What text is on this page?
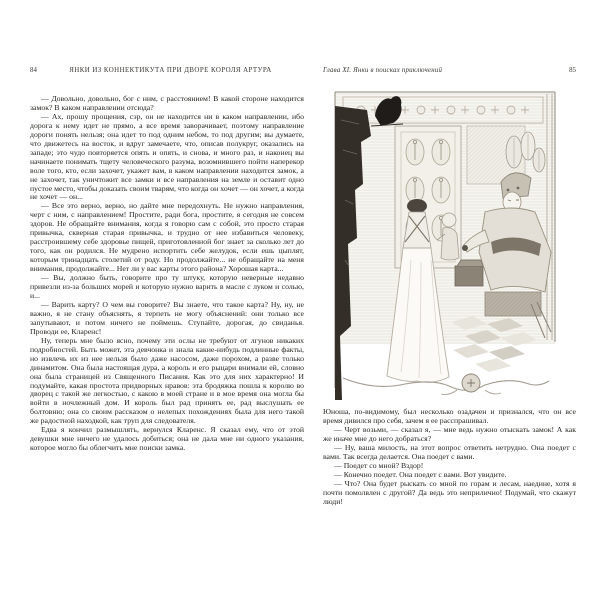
84	ЯНКИ ИЗ КОННЕКТИКУТА ПРИ ДВОРЕ КОРОЛЯ АРТУРА

— Довольно, довольно, бог с ним, с расстоянием! В какой стороне находится замок? В каком направлении отсюда?

— Ах, прошу прощения, сэр, он не находится ни в каком направлении, ибо дорога к нему идет не прямо, а все время заворачивает, поэтому направление дороги понять нельзя; она идет то под одним небом, то под другим; вы думаете, что движетесь на восток, и вдруг замечаете, что, описав полукруг, оказались на западе; это чудо повторяется опять и опять, и снова, и много раз, и наконец вы начинаете понимать тщету человеческого разума, возомнившего пойти наперекор воле того, кто, если захочет, укажет вам, в каком направлении находится замок, а не захочет, так уничтожит все замки и все направления на земле и оставит одно пустое место, чтобы доказать своим тварям, что когда он хочет — он хочет, а когда не хочет — он...

— Все это верно, верно, но дайте мне передохнуть. Не нужно направления, черт с ним, с направлением! Простите, ради бога, простите, я сегодня не совсем здоров. Не обращайте внимания, когда я говорю сам с собой, это просто старая привычка, скверная старая привычка, и трудно от нее избавиться человеку, расстроившему себе здоровье пищей, приготовленной бог знает за сколько лет до того, как он родился. Не мудрено испортить себе желудок, если ешь цыплят, которым тринадцать столетий от роду. Но продолжайте... не обращайте на меня внимания, продолжайте... Нет ли у вас карты этого района? Хорошая карта...

— Вы, должно быть, говорите про ту штуку, которую неверные недавно привезли из-за больших морей и которую нужно варить в масле с луком и солью, и...

— Варить карту? О чем вы говорите? Вы знаете, что такое карта? Ну, ну, не важно, я не стану объяснять, я терпеть не могу объяснений: они только все запутывают, и потом ничего не поймешь. Ступайте, дорогая, до свиданья. Проводи ее, Кларенс!

Ну, теперь мне было ясно, почему эти ослы не требуют от лгунов никаких подробностей. Быть может, эта девчонка и знала какие-нибудь подлинные факты, но извлечь их из нее нельзя было даже насосом, даже порохом, а разве только динамитом. Она была настоящая дура, а король и его рыцари внимали ей, словно она была страницей из Священного Писания. Как это для них характерно! И подумайте, какая простота придворных нравов: эта бродяжка пошла к королю во дворец с такой же легкостью, с какою в моей стране и в мое время она могла бы войти в ночлежный дом. И король был рад принять ее, рад выслушать ее болтовню; она со своим рассказом о нелепых похождениях была для него такой же радостной находкой, как труп для следователя.

Едва я кончил размышлять, вернулся Кларенс. Я сказал ему, что от этой девушки мне ничего не удалось добиться; она не дала мне ни одного указания, которое могло бы облегчить мне поиски замка.

Глава XI. Янки в поисках приключений	85

Юноша, по-видимому, был несколько озадачен и признался, что он все время дивился про себя, зачем я ее расспрашивал.

— Черт возьми, — сказал я, — мне ведь нужно отыскать замок! А как же иначе мне до него добраться?

— Ну, ваша милость, на этот вопрос ответить нетрудно. Она поедет с вами. Так всегда делается. Она поедет с вами.

— Поедет со мной? Вздор!

— Конечно поедет. Она поедет с вами. Вот увидите.

— Что? Она будет рыскать со мной по горам и лесам, наедине, хотя я почти помолвлен с другой? Да ведь это неприлично! Подумай, что скажут люди!
